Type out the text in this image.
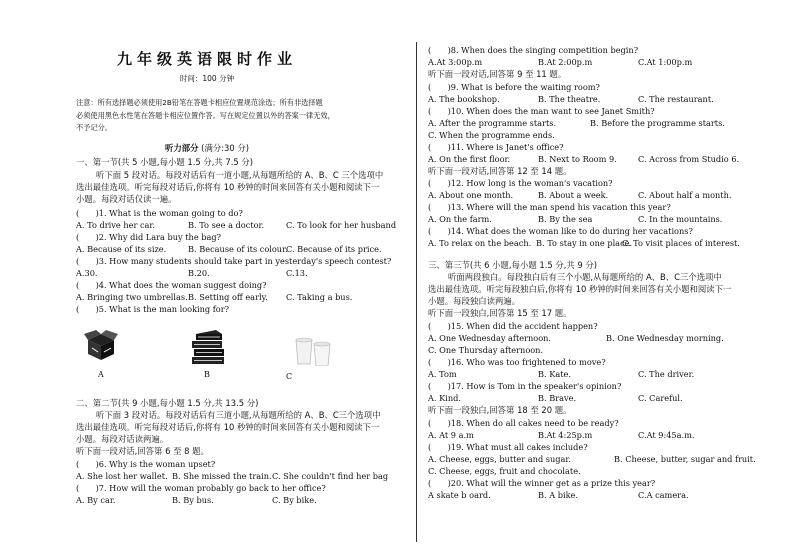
九年级英语限时作业
时间：100 分钟
注意：所有选择题必须使用2B铅笔在答题卡相应位置规范涂选；所有非选择题
必须使用黑色水性笔在答题卡相应位置作答。写在规定位置以外的答案一律无效，
不予记分。
听力部分 (满分:30 分)
一、第一节(共 5 小题,每小题 1.5 分,共 7.5 分)
听下面 5 段对话。每段对话后有一道小题,从每题所给的 A、B、C 三个选项中
选出最佳选项。听完每段对话后,你将有 10 秒钟的时间来回答有关小题和阅读下一
小题。每段对话仅读一遍。
(　　)1. What is the woman going to do?
A. To drive her car.	B. To see a doctor.	C. To look for her husband
(　　)2. Why did Lara buy the bag?
A. Because of its size.	B. Because of its colour.
C. Because of its price.
(　　)3. How many students should take part in yesterday's speech contest?
A.30.	B.20.	C.13.
(　　)4. What does the woman suggest doing?
A. Bringing two umbrellas. B. Setting off early. C. Taking a bus.
(　　)5. What is the man looking for?
A	B	C
二、第二节(共 9 小题,每小题 1.5 分,共 13.5 分)
听下面 3 段对话。每段对话后有三道小题,从每题所给的 A、B、C三个选项中
选出最佳选项。听完每段对话后,你将有 10 秒钟的时间来回答有关小题和阅读下一
小题。每段对话读两遍。
听下面一段对话,回答第 6 至 8 题。
(　　)6. Why is the woman upset?
A. She lost her wallet. B. She missed the train. C. She couldn't find her bag
(　　)7. How will the woman probably go back to her office?
A. By car.	B. By bus.	C. By bike.
(　　)8. When does the singing competition begin?
A.At 3:00p.m	B.At 2:00p.m	C.At 1:00p.m
听下面一段对话,回答第 9 至 11 题。
(　　)9. What is before the waiting room?
A. The bookshop.	B. The theatre.	C. The restaurant.
(　　)10. When does the man want to see Janet Smith?
A. After the programme starts.	B. Before the programme starts.
C. When the programme ends.
(　　)11. Where is Janet's office?
A. On the first floor.	B. Next to Room 9.	C. Across from Studio 6.
听下面一段对话,回答第 12 至 14 题。
(　　)12. How long is the woman's vacation?
A. About one month.	B. About a week.	C. About half a month.
(　　)13. Where will the man spend his vacation this year?
A. On the farm.	B. By the sea	C. In the mountains.
(　　)14. What does the woman like to do during her vacations?
A. To relax on the beach. B. To stay in one place.
C. To visit places of interest.
三、第三节(共 6 小题,每小题 1.5 分,共 9 分)
听面两段独白。每段独白后有三个小题,从每题所给的 A、B、C三个选项中
选出最佳选项。听完每段独白后,你将有 10 秒钟的时间来回答有关小题和阅读下一
小题。每段独白读两遍。
听下面一段独白,回答第 15 至 17 题。
(　　)15. When did the accident happen?
A. One Wednesday afternoon.	B. One Wednesday morning.
C. One Thursday afternoon.
(　　)16. Who was too frightened to move?
A. Tom	B. Kate.	C. The driver.
(　　)17. How is Tom in the speaker's opinion?
A. Kind.	B. Brave.	C. Careful.
听下面一段独白,回答第 18 至 20 题。
(　　)18. When do all cakes need to be ready?
A. At 9 a.m	B.At 4:25p.m	C.At 9:45a.m.
(　　)19. What must all cakes include?
A. Cheese, eggs, butter and sugar.	B. Cheese, butter, sugar and fruit.
C. Cheese, eggs, fruit and chocolate.
(　　)20. What will the winner get as a prize this year?
A skate b oard.	B. A bike.	C.A camera.
